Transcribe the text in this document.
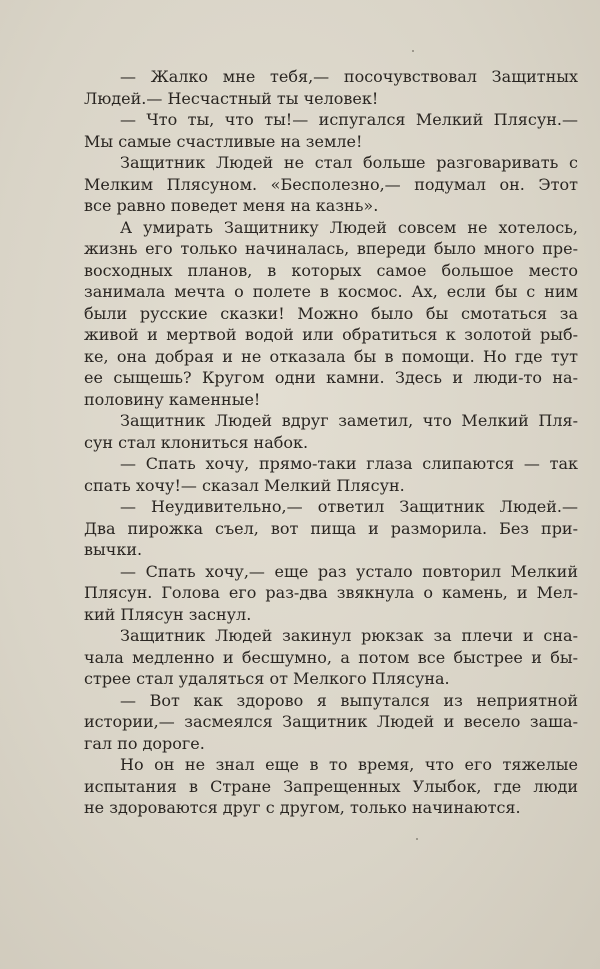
— Жалко мне тебя,— посочувствовал Защитных
Людей.— Несчастный ты человек!
— Что ты, что ты!— испугался Мелкий Плясун.—
Мы самые счастливые на земле!
Защитник Людей не стал больше разговаривать с
Мелким Плясуном. «Бесполезно,— подумал он. Этот
все равно поведет меня на казнь».
А умирать Защитнику Людей совсем не хотелось,
жизнь его только начиналась, впереди было много пре-
восходных планов, в которых самое большое место
занимала мечта о полете в космос. Ах, если бы с ним
были русские сказки! Можно было бы смотаться за
живой и мертвой водой или обратиться к золотой рыб-
ке, она добрая и не отказала бы в помощи. Но где тут
ее сыщешь? Кругом одни камни. Здесь и люди-то на-
половину каменные!
Защитник Людей вдруг заметил, что Мелкий Пля-
сун стал клониться набок.
— Спать хочу, прямо-таки глаза слипаются — так
спать хочу!— сказал Мелкий Плясун.
— Неудивительно,— ответил Защитник Людей.—
Два пирожка съел, вот пища и разморила. Без при-
вычки.
— Спать хочу,— еще раз устало повторил Мелкий
Плясун. Голова его раз-два звякнула о камень, и Мел-
кий Плясун заснул.
Защитник Людей закинул рюкзак за плечи и сна-
чала медленно и бесшумно, а потом все быстрее и бы-
стрее стал удаляться от Мелкого Плясуна.
— Вот как здорово я выпутался из неприятной
истории,— засмеялся Защитник Людей и весело заша-
гал по дороге.
Но он не знал еще в то время, что его тяжелые
испытания в Стране Запрещенных Улыбок, где люди
не здороваются друг с другом, только начинаются.
